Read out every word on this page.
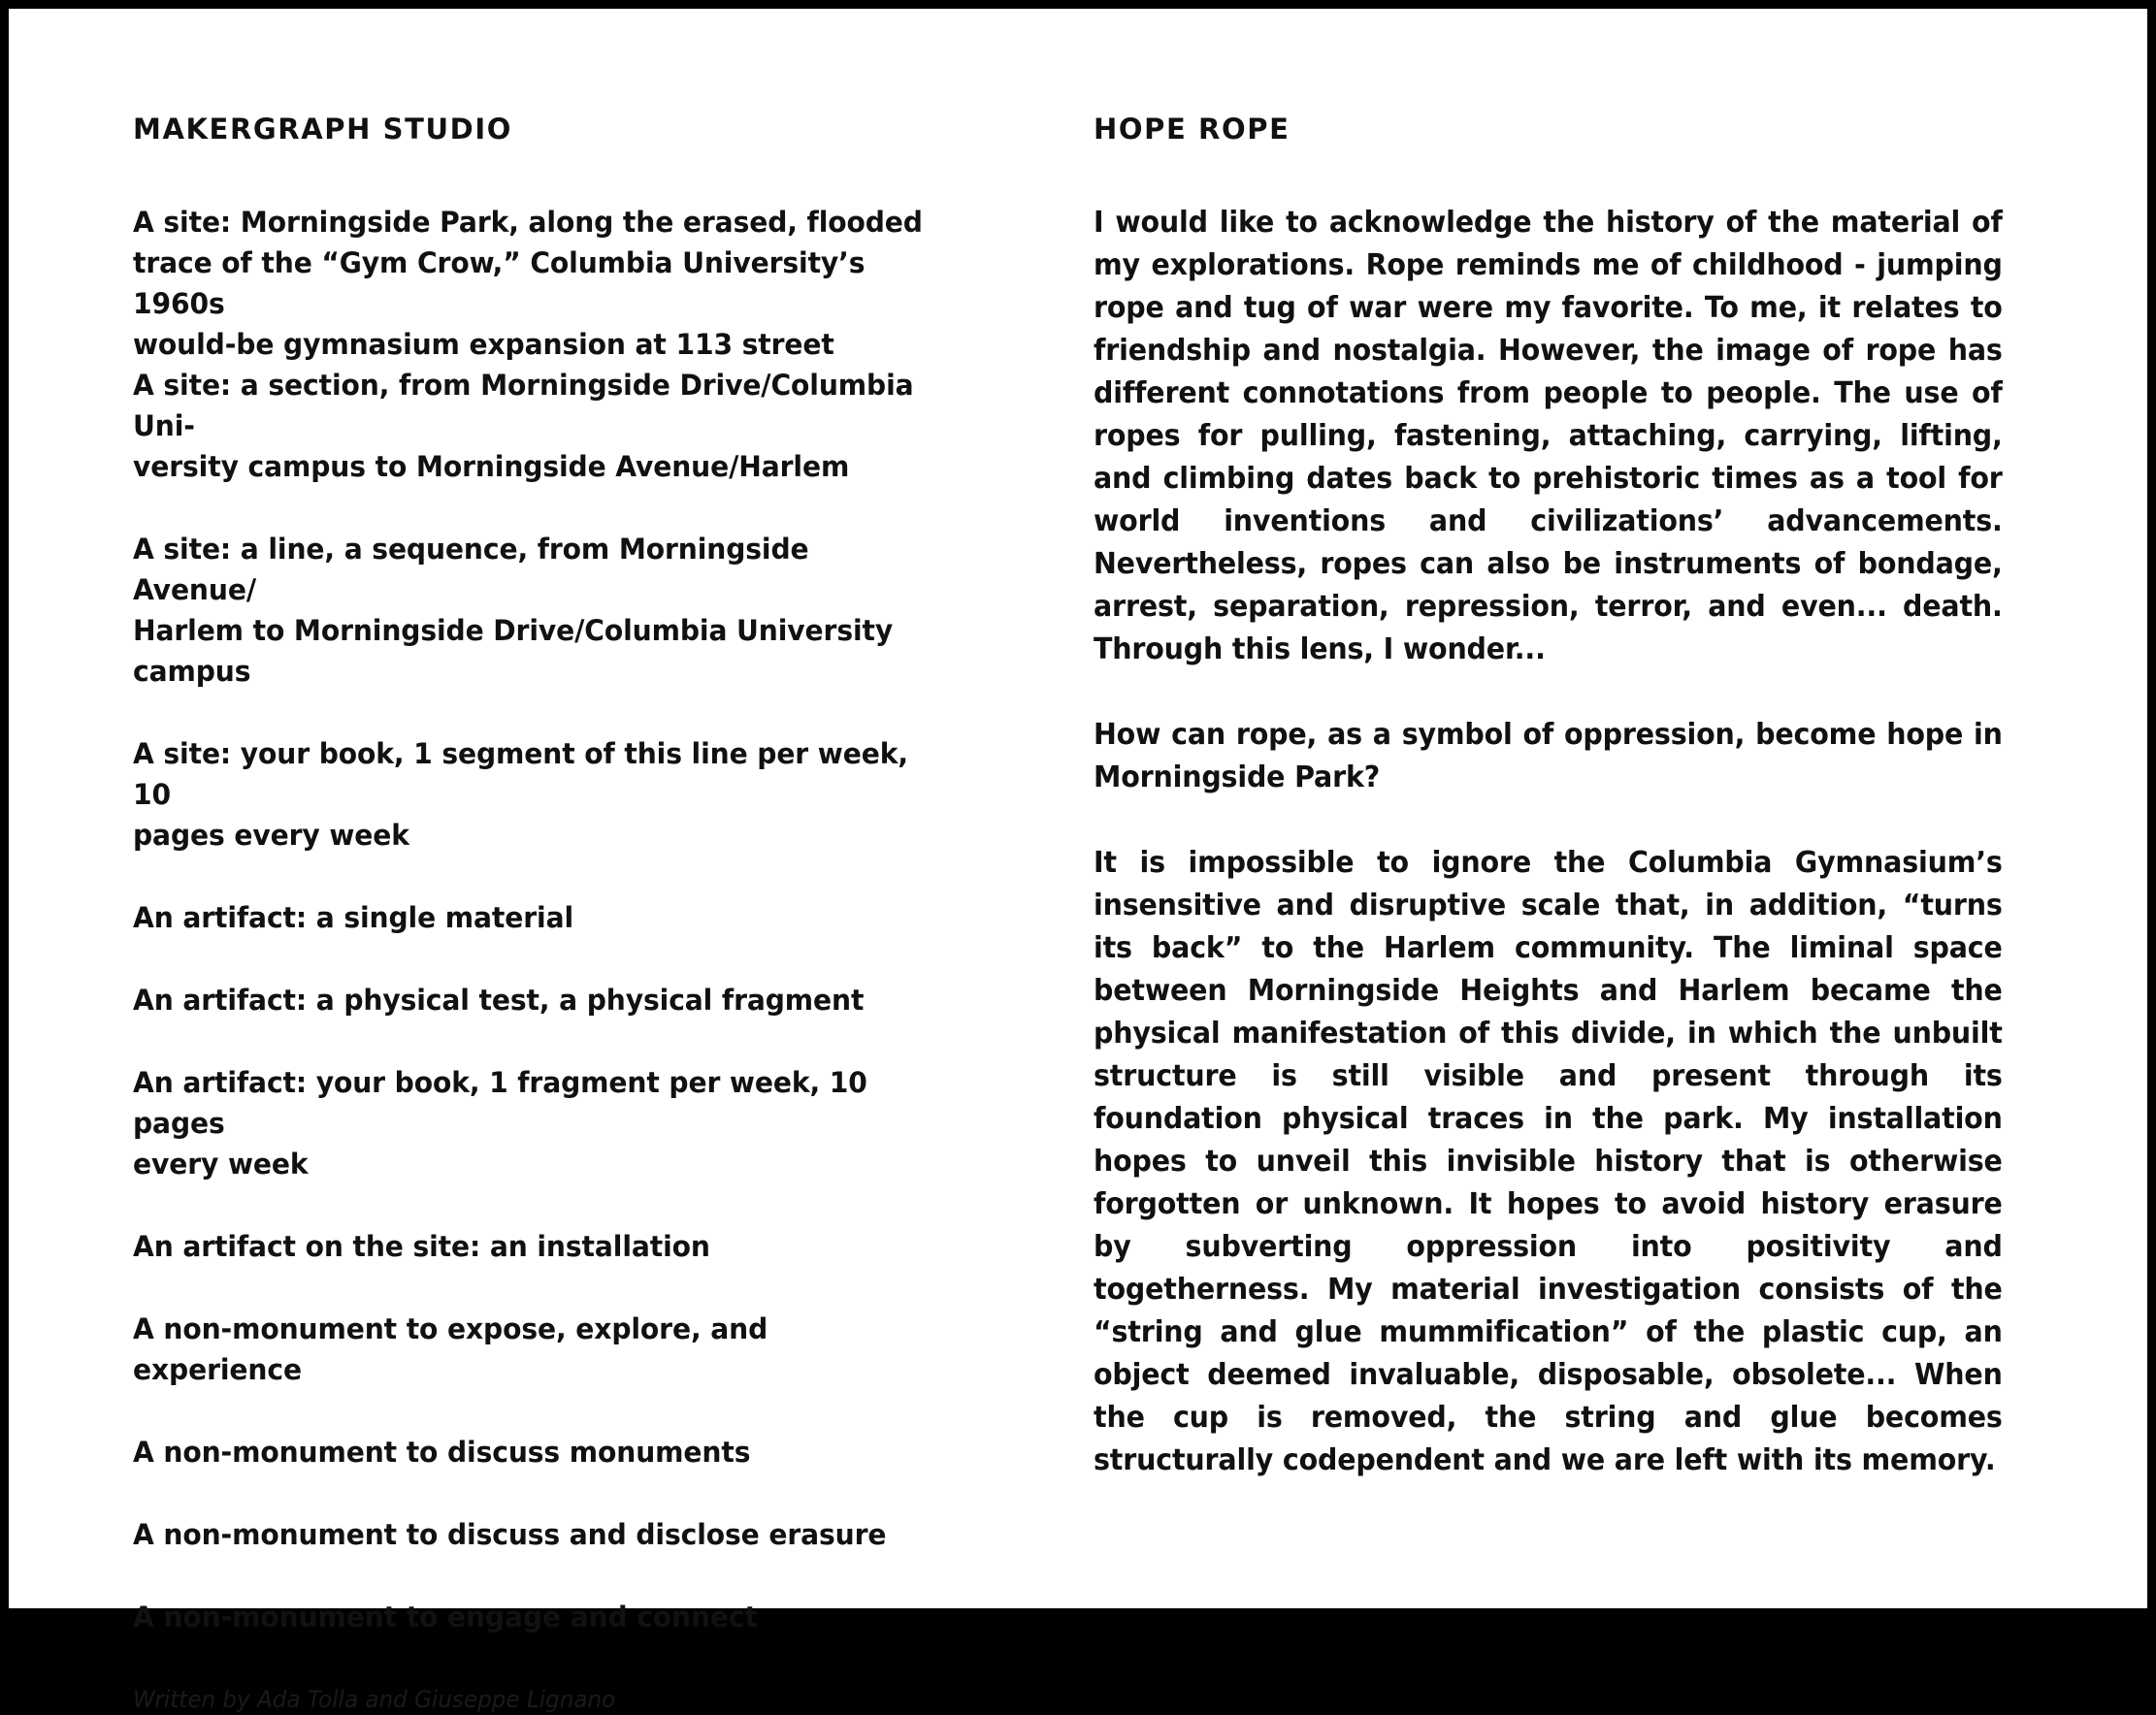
MAKERGRAPH STUDIO
A site: Morningside Park, along the erased, flooded
trace of the “Gym Crow,” Columbia University’s 1960s
would-be gymnasium expansion at 113 street
A site: a section, from Morningside Drive/Columbia Uni-
versity campus to Morningside Avenue/Harlem
A site: a line, a sequence, from Morningside Avenue/
Harlem to Morningside Drive/Columbia University
campus
A site: your book, 1 segment of this line per week, 10
pages every week
An artifact: a single material
An artifact: a physical test, a physical fragment
An artifact: your book, 1 fragment per week, 10 pages
every week
An artifact on the site: an installation
A non-monument to expose, explore, and experience
A non-monument to discuss monuments
A non-monument to discuss and disclose erasure
A non-monument to engage and connect

Written by Ada Tolla and Giuseppe Lignano

HOPE ROPE

I would like to acknowledge the history of the material of my explorations. Rope reminds me of childhood - jumping rope and tug of war were my favorite. To me, it relates to friendship and nostalgia. However, the image of rope has different connotations from people to people. The use of ropes for pulling, fastening, attaching, carrying, lifting, and climbing dates back to prehistoric times as a tool for world inventions and civilizations’ advancements. Nevertheless, ropes can also be instruments of bondage, arrest, separation, repression, terror, and even... death. Through this lens, I wonder...

How can rope, as a symbol of oppression, become hope in Morningside Park?

It is impossible to ignore the Columbia Gymnasium’s insensitive and disruptive scale that, in addition, “turns its back” to the Harlem community. The liminal space between Morningside Heights and Harlem became the physical manifestation of this divide, in which the unbuilt structure is still visible and present through its foundation physical traces in the park. My installation hopes to unveil this invisible history that is otherwise forgotten or unknown. It hopes to avoid history erasure by subverting oppression into positivity and togetherness. My material investigation consists of the “string and glue mummification” of the plastic cup, an object deemed invaluable, disposable, obsolete... When the cup is removed, the string and glue becomes structurally codependent and we are left with its memory.
